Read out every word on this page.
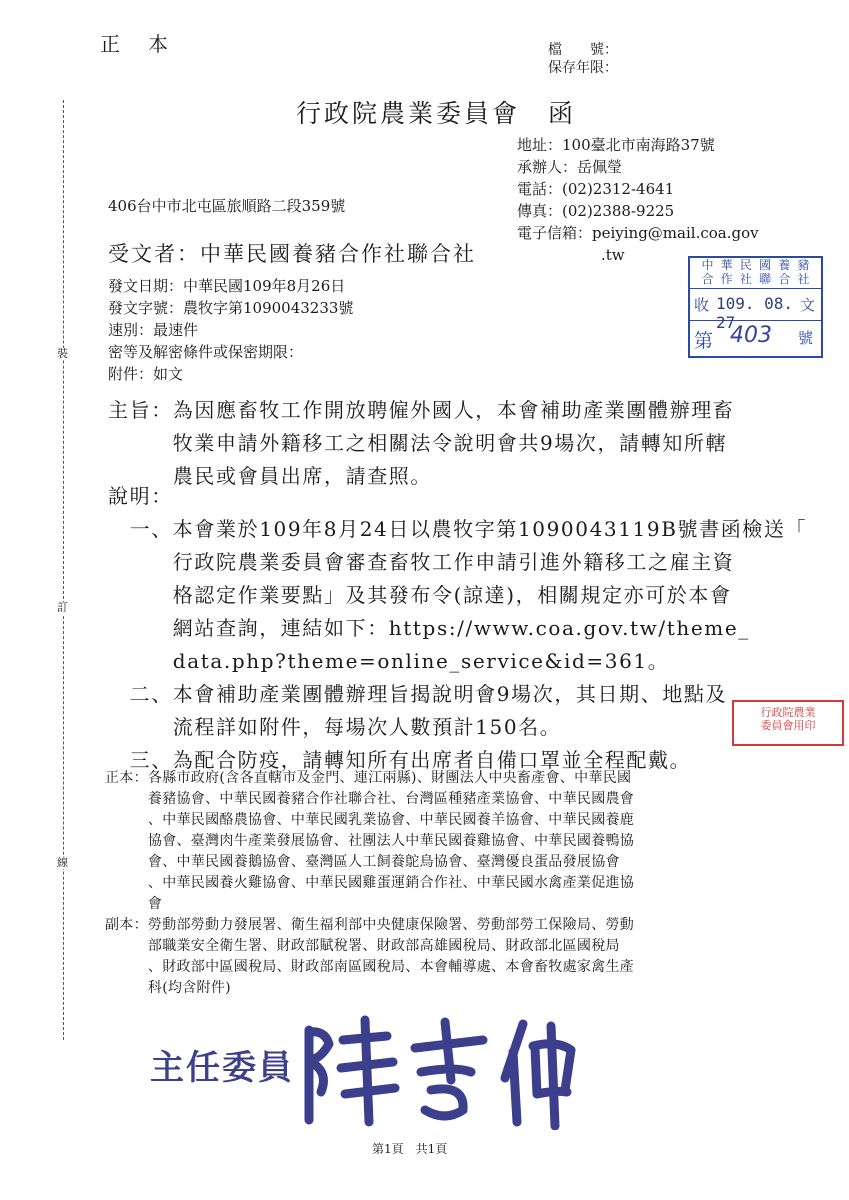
正　本	檔　　號：
保存年限：
行政院農業委員會　函
地址：100臺北市南海路37號
承辦人：岳佩瑩
電話：(02)2312-4641
傳真：(02)2388-9225
電子信箱：peiying@mail.coa.gov
.tw
406台中市北屯區旅順路二段359號
受文者：中華民國養豬合作社聯合社	中 華 民 國 養 豬
合 作 社 聯 合 社
收 109. 08. 27
文
第 403 號
發文日期：中華民國109年8月26日
發文字號：農牧字第1090043233號
速別：最速件
密等及解密條件或保密期限：
附件：如文
裝
訂
線
主旨：為因應畜牧工作開放聘僱外國人，本會補助產業團體辦理畜
　　　牧業申請外籍移工之相關法令說明會共9場次，請轉知所轄
　　　農民或會員出席，請查照。
說明：
　一、本會業於109年8月24日以農牧字第1090043119B號書函檢送「
　　　行政院農業委員會審查畜牧工作申請引進外籍移工之雇主資
　　　格認定作業要點」及其發布令(諒達)，相關規定亦可於本會
　　　網站查詢，連結如下：https://www.coa.gov.tw/theme_
　　　data.php?theme=online_service&id=361。
　二、本會補助產業團體辦理旨揭說明會9場次，其日期、地點及
　　　流程詳如附件，每場次人數預計150名。
　三、為配合防疫，請轉知所有出席者自備口罩並全程配戴。
行政院農業
委員會用印
正本：各縣市政府(含各直轄市及金門、連江兩縣)、財團法人中央畜產會、中華民國
　　　養豬協會、中華民國養豬合作社聯合社、台灣區種豬產業協會、中華民國農會
　　　、中華民國酪農協會、中華民國乳業協會、中華民國養羊協會、中華民國養鹿
　　　協會、臺灣肉牛產業發展協會、社團法人中華民國養雞協會、中華民國養鴨協
　　　會、中華民國養鵝協會、臺灣區人工飼養鴕鳥協會、臺灣優良蛋品發展協會
　　　、中華民國養火雞協會、中華民國雞蛋運銷合作社、中華民國水禽產業促進協
　　　會
副本：勞動部勞動力發展署、衛生福利部中央健康保險署、勞動部勞工保險局、勞動
　　　部職業安全衛生署、財政部賦稅署、財政部高雄國稅局、財政部北區國稅局
　　　、財政部中區國稅局、財政部南區國稅局、本會輔導處、本會畜牧處家禽生產
　　　科(均含附件)
主任委員
第1頁　共1頁
